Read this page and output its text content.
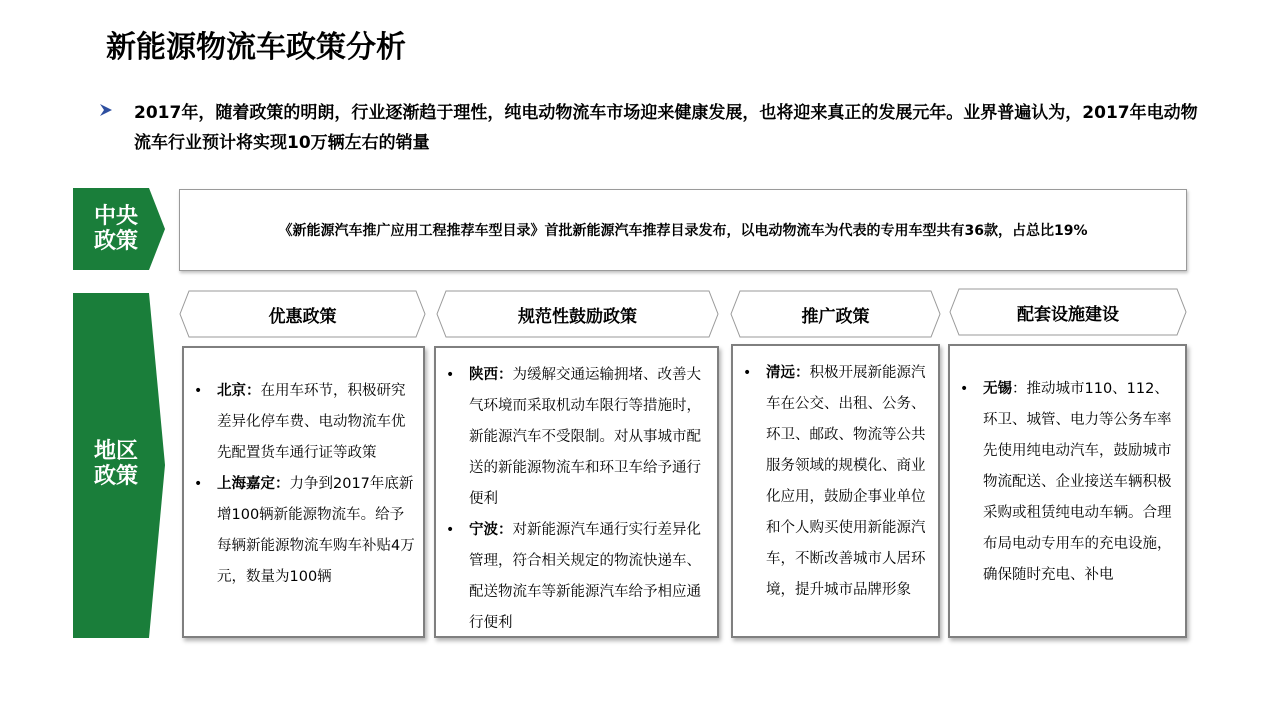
新能源物流车政策分析
2017年，随着政策的明朗，行业逐渐趋于理性，纯电动物流车市场迎来健康发展，也将迎来真正的发展元年。业界普遍认为，2017年电动物流车行业预计将实现10万辆左右的销量
中央
政策	《新能源汽车推广应用工程推荐车型目录》首批新能源汽车推荐目录发布，以电动物流车为代表的专用车型共有36款，占总比19%
地区
政策
优惠政策	规范性鼓励政策	推广政策	配套设施建设
• 北京：在用车环节，积极研究差异化停车费、电动物流车优先配置货车通行证等政策
• 上海嘉定：力争到2017年底新增100辆新能源物流车。给予每辆新能源物流车购车补贴4万元，数量为100辆
• 陕西：为缓解交通运输拥堵、改善大气环境而采取机动车限行等措施时，新能源汽车不受限制。对从事城市配送的新能源物流车和环卫车给予通行便利
• 宁波：对新能源汽车通行实行差异化管理，符合相关规定的物流快递车、配送物流车等新能源汽车给予相应通行便利
• 清远：积极开展新能源汽车在公交、出租、公务、环卫、邮政、物流等公共服务领域的规模化、商业化应用，鼓励企事业单位和个人购买使用新能源汽车，不断改善城市人居环境，提升城市品牌形象
• 无锡：推动城市110、112、环卫、城管、电力等公务车率先使用纯电动汽车，鼓励城市物流配送、企业接送车辆积极采购或租赁纯电动车辆。合理布局电动专用车的充电设施，确保随时充电、补电
